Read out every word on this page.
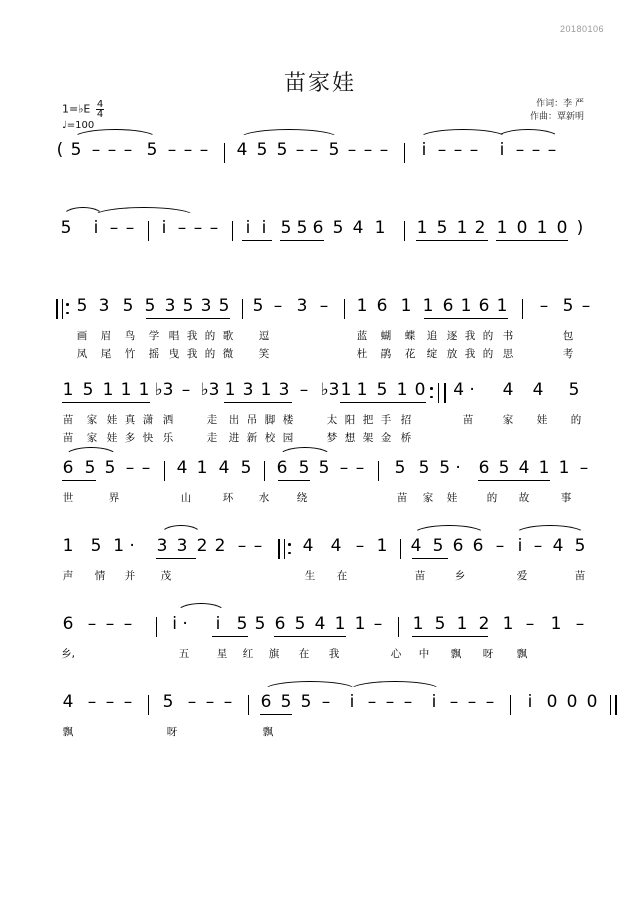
20180106
苗家娃
作词：李 严
作曲：覃新明
1=♭E $\frac{4}{4}$
♩=100
( 5 – – – 5 – – – 4 5 5 – – 5 – – – i – – – i – – –
5 i – – i – – – i i 5 5 6 5 4 1 1 5 1 2 1 0 1 0 )
5 3 5 5 3 5 3 5 5 – 3 – 1 6 1 1 6 1 6 1 – 5 –
画 眉 鸟 学 唱 我 的 歌 逗	蓝 蝴 蝶 追 逐 我 的 书	包
凤 尾 竹 摇 曳 我 的 微 笑	杜 鹃 花 绽 放 我 的 思	考
1 5 1 1 1 ♭3 – ♭3 1 3 1 3 – ♭3 1 1 5 1 0 4 · 4 4 5
苗 家 娃 真 潇 洒	走 出 吊 脚 楼	太 阳 把 手 招	苗	家 娃 的
苗 家 娃 多 快 乐	走 进 新 校 园	梦 想 架 金 桥
6 5 5 – – 4 1 4 5 6 5 5 – – 5 5 5 · 6 5 4 1 1 –
世	界	山	环 水	绕	苗 家 娃	的 故	事
1 5 1 · 3 3 2 2 – – 4 4 – 1 4 5 6 6 – i – 4 5
声 情 并 茂	生 在	苗	乡	爱	苗
6 – – – i · i 5 5 6 5 4 1 1 – 1 5 1 2 1 – 1 –
乡,	五	星 红 旗 在 我	心 中 飘 呀 飘
4 – – – 5 – – – 6 5 5 – i – – – i – – – i 0 0 0
飘	呀	飘
